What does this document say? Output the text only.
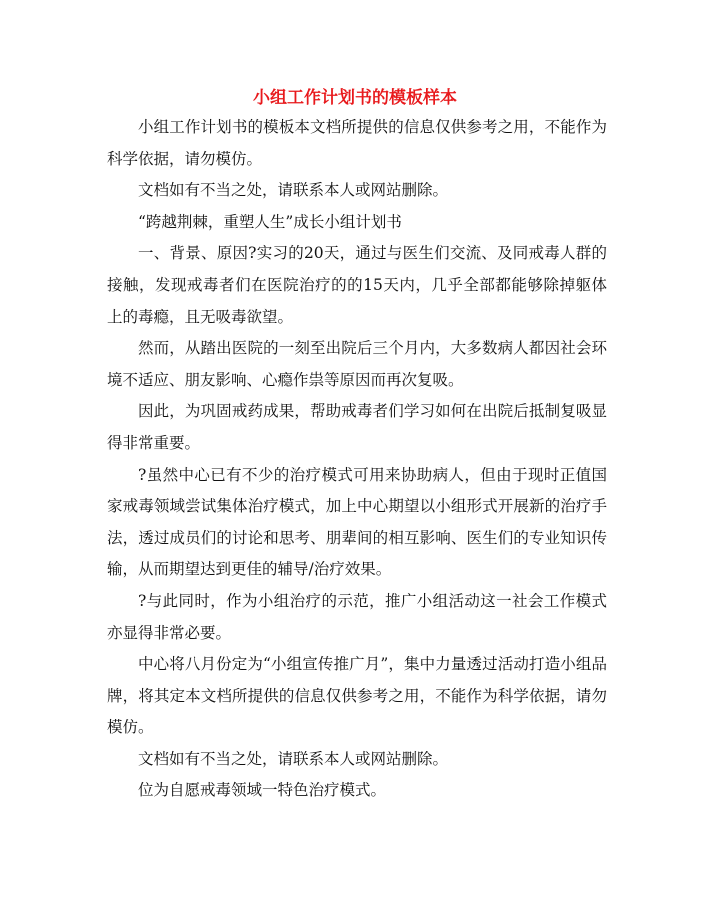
小组工作计划书的模板样本

小组工作计划书的模板本文档所提供的信息仅供参考之用，不能作为科学依据，请勿模仿。

文档如有不当之处，请联系本人或网站删除。

“跨越荆棘，重塑人生”成长小组计划书

一、背景、原因?实习的20天，通过与医生们交流、及同戒毒人群的接触，发现戒毒者们在医院治疗的的15天内，几乎全部都能够除掉躯体上的毒瘾，且无吸毒欲望。

然而，从踏出医院的一刻至出院后三个月内，大多数病人都因社会环境不适应、朋友影响、心瘾作祟等原因而再次复吸。

因此，为巩固戒药成果，帮助戒毒者们学习如何在出院后抵制复吸显得非常重要。

?虽然中心已有不少的治疗模式可用来协助病人，但由于现时正值国家戒毒领域尝试集体治疗模式，加上中心期望以小组形式开展新的治疗手法，透过成员们的讨论和思考、朋辈间的相互影响、医生们的专业知识传输，从而期望达到更佳的辅导/治疗效果。

?与此同时，作为小组治疗的示范，推广小组活动这一社会工作模式亦显得非常必要。

中心将八月份定为“小组宣传推广月”，集中力量透过活动打造小组品牌，将其定本文档所提供的信息仅供参考之用，不能作为科学依据，请勿模仿。

文档如有不当之处，请联系本人或网站删除。

位为自愿戒毒领域一特色治疗模式。
